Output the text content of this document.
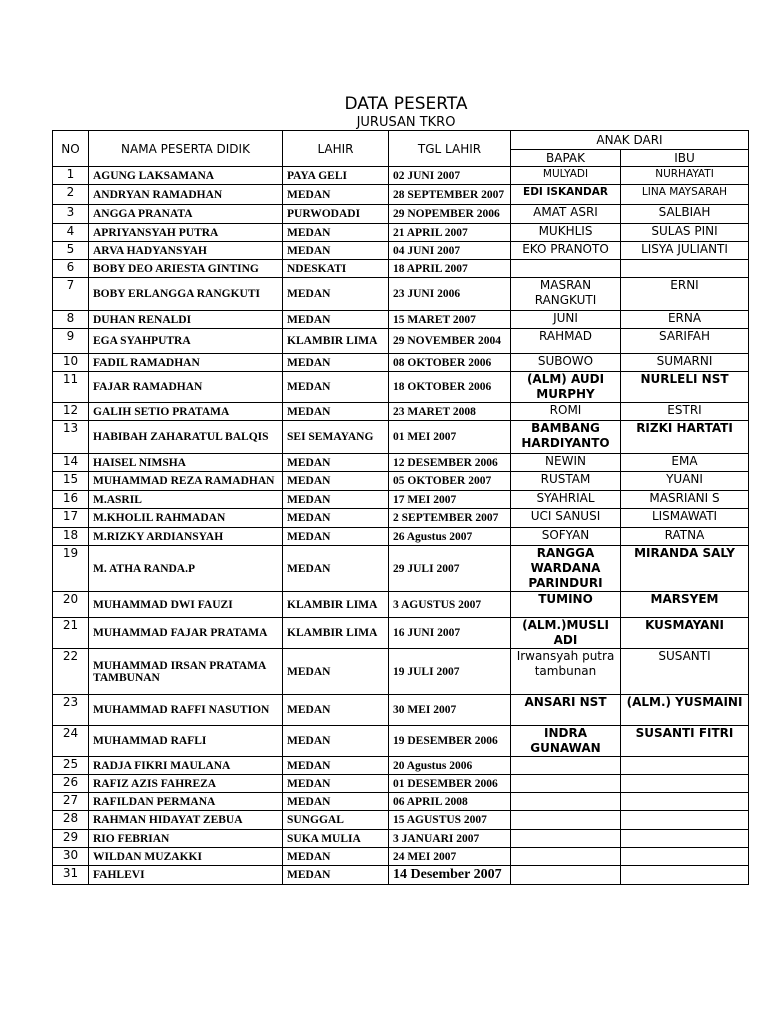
DATA PESERTA
JURUSAN TKRO
NO	NAMA PESERTA DIDIK	LAHIR	TGL LAHIR	ANAK DARI	
				BAPAK	IBU
1	AGUNG LAKSAMANA	PAYA GELI	02 JUNI 2007	MULYADI	NURHAYATI
2	ANDRYAN RAMADHAN	MEDAN	28 SEPTEMBER 2007	EDI ISKANDAR	LINA MAYSARAH
3	ANGGA PRANATA	PURWODADI	29 NOPEMBER 2006	AMAT ASRI	SALBIAH
4	APRIYANSYAH PUTRA	MEDAN	21 APRIL 2007	MUKHLIS	SULAS PINI
5	ARVA HADYANSYAH	MEDAN	04 JUNI 2007	EKO PRANOTO	LISYA JULIANTI
6	BOBY DEO ARIESTA GINTING	NDESKATI	18 APRIL 2007		
7	BOBY ERLANGGA RANGKUTI	MEDAN	23 JUNI 2006	MASRAN RANGKUTI	ERNI
8	DUHAN RENALDI	MEDAN	15 MARET 2007	JUNI	ERNA
9	EGA SYAHPUTRA	KLAMBIR LIMA	29 NOVEMBER 2004	RAHMAD	SARIFAH
10	FADIL RAMADHAN	MEDAN	08 OKTOBER 2006	SUBOWO	SUMARNI
11	FAJAR RAMADHAN	MEDAN	18 OKTOBER 2006	(ALM) AUDI MURPHY	NURLELI NST
12	GALIH SETIO PRATAMA	MEDAN	23 MARET 2008	ROMI	ESTRI
13	HABIBAH ZAHARATUL BALQIS	SEI SEMAYANG	01 MEI 2007	BAMBANG HARDIYANTO	RIZKI HARTATI
14	HAISEL NIMSHA	MEDAN	12 DESEMBER 2006	NEWIN	EMA
15	MUHAMMAD REZA RAMADHAN	MEDAN	05 OKTOBER 2007	RUSTAM	YUANI
16	M.ASRIL	MEDAN	17 MEI 2007	SYAHRIAL	MASRIANI S
17	M.KHOLIL RAHMADAN	MEDAN	2 SEPTEMBER 2007	UCI SANUSI	LISMAWATI
18	M.RIZKY ARDIANSYAH	MEDAN	26 Agustus 2007	SOFYAN	RATNA
19	M. ATHA RANDA.P	MEDAN	29 JULI 2007	RANGGA WARDANA PARINDURI	MIRANDA SALY
20	MUHAMMAD DWI FAUZI	KLAMBIR LIMA	3 AGUSTUS 2007	TUMINO	MARSYEM
21	MUHAMMAD FAJAR PRATAMA	KLAMBIR LIMA	16 JUNI 2007	(ALM.)MUSLI ADI	KUSMAYANI
22	MUHAMMAD IRSAN PRATAMA TAMBUNAN	MEDAN	19 JULI 2007	Irwansyah putra tambunan	SUSANTI
23	MUHAMMAD RAFFI NASUTION	MEDAN	30 MEI 2007	ANSARI NST	(ALM.) YUSMAINI
24	MUHAMMAD RAFLI	MEDAN	19 DESEMBER 2006	INDRA GUNAWAN	SUSANTI FITRI
25	RADJA FIKRI MAULANA	MEDAN	20 Agustus 2006		
26	RAFIZ AZIS FAHREZA	MEDAN	01 DESEMBER 2006		
27	RAFILDAN PERMANA	MEDAN	06 APRIL 2008		
28	RAHMAN HIDAYAT ZEBUA	SUNGGAL	15 AGUSTUS 2007		
29	RIO FEBRIAN	SUKA MULIA	3 JANUARI 2007		
30	WILDAN MUZAKKI	MEDAN	24 MEI 2007		
31	FAHLEVI	MEDAN	14 Desember 2007		
